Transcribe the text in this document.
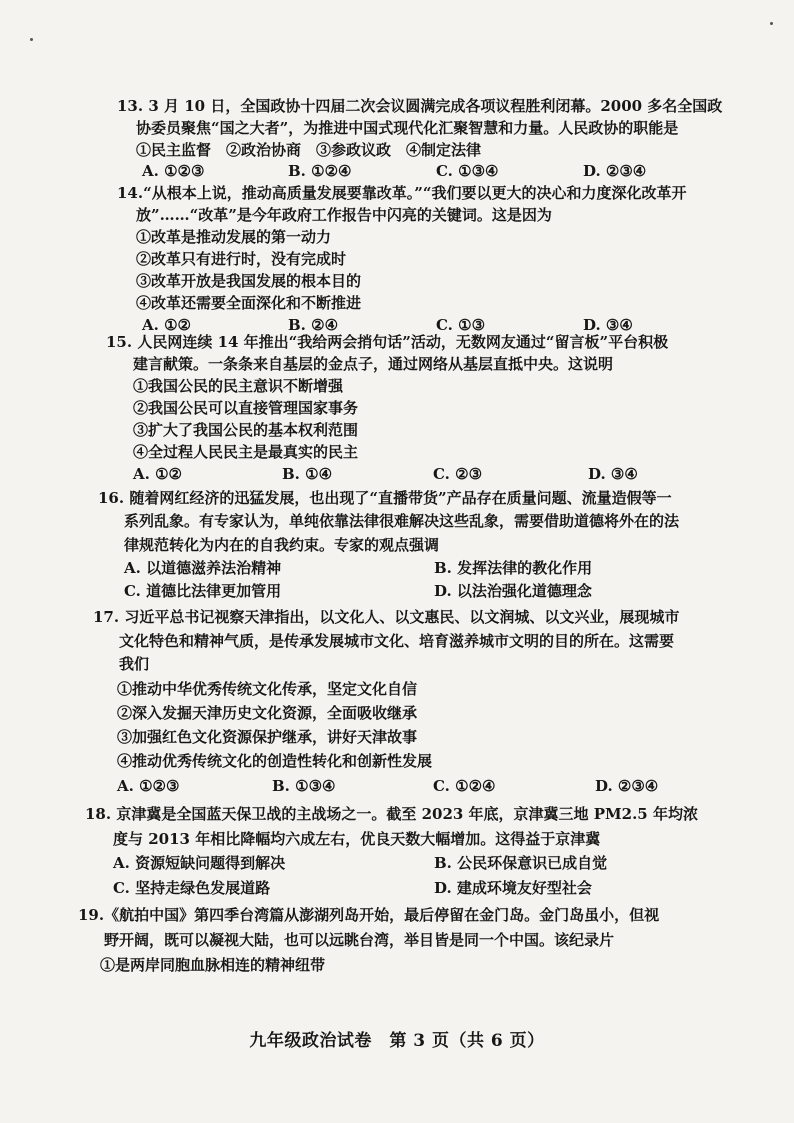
13. 3 月 10 日，全国政协十四届二次会议圆满完成各项议程胜利闭幕。2000 多名全国政
协委员聚焦“国之大者”，为推进中国式现代化汇聚智慧和力量。人民政协的职能是
①民主监督　②政治协商　③参政议政　④制定法律
A. ①②③	B. ①②④	C. ①③④	D. ②③④
14.“从根本上说，推动高质量发展要靠改革。”“我们要以更大的决心和力度深化改革开
放”……“改革”是今年政府工作报告中闪亮的关键词。这是因为
①改革是推动发展的第一动力
②改革只有进行时，没有完成时
③改革开放是我国发展的根本目的
④改革还需要全面深化和不断推进
A. ①②	B. ②④	C. ①③	D. ③④
15. 人民网连续 14 年推出“我给两会捎句话”活动，无数网友通过“留言板”平台积极
建言献策。一条条来自基层的金点子，通过网络从基层直抵中央。这说明
①我国公民的民主意识不断增强
②我国公民可以直接管理国家事务
③扩大了我国公民的基本权利范围
④全过程人民民主是最真实的民主
A. ①②	B. ①④	C. ②③	D. ③④
16. 随着网红经济的迅猛发展，也出现了“直播带货”产品存在质量问题、流量造假等一
系列乱象。有专家认为，单纯依靠法律很难解决这些乱象，需要借助道德将外在的法
律规范转化为内在的自我约束。专家的观点强调
A. 以道德滋养法治精神	B. 发挥法律的教化作用
C. 道德比法律更加管用	D. 以法治强化道德理念
17. 习近平总书记视察天津指出，以文化人、以文惠民、以文润城、以文兴业，展现城市
文化特色和精神气质，是传承发展城市文化、培育滋养城市文明的目的所在。这需要
我们
①推动中华优秀传统文化传承，坚定文化自信
②深入发掘天津历史文化资源，全面吸收继承
③加强红色文化资源保护继承，讲好天津故事
④推动优秀传统文化的创造性转化和创新性发展
A. ①②③	B. ①③④	C. ①②④	D. ②③④
18. 京津冀是全国蓝天保卫战的主战场之一。截至 2023 年底，京津冀三地 PM2.5 年均浓
度与 2013 年相比降幅均六成左右，优良天数大幅增加。这得益于京津冀
A. 资源短缺问题得到解决	B. 公民环保意识已成自觉
C. 坚持走绿色发展道路	D. 建成环境友好型社会
19.《航拍中国》第四季台湾篇从澎湖列岛开始，最后停留在金门岛。金门岛虽小，但视
野开阔，既可以凝视大陆，也可以远眺台湾，举目皆是同一个中国。该纪录片
①是两岸同胞血脉相连的精神纽带
九年级政治试卷　第 3 页（共 6 页）
